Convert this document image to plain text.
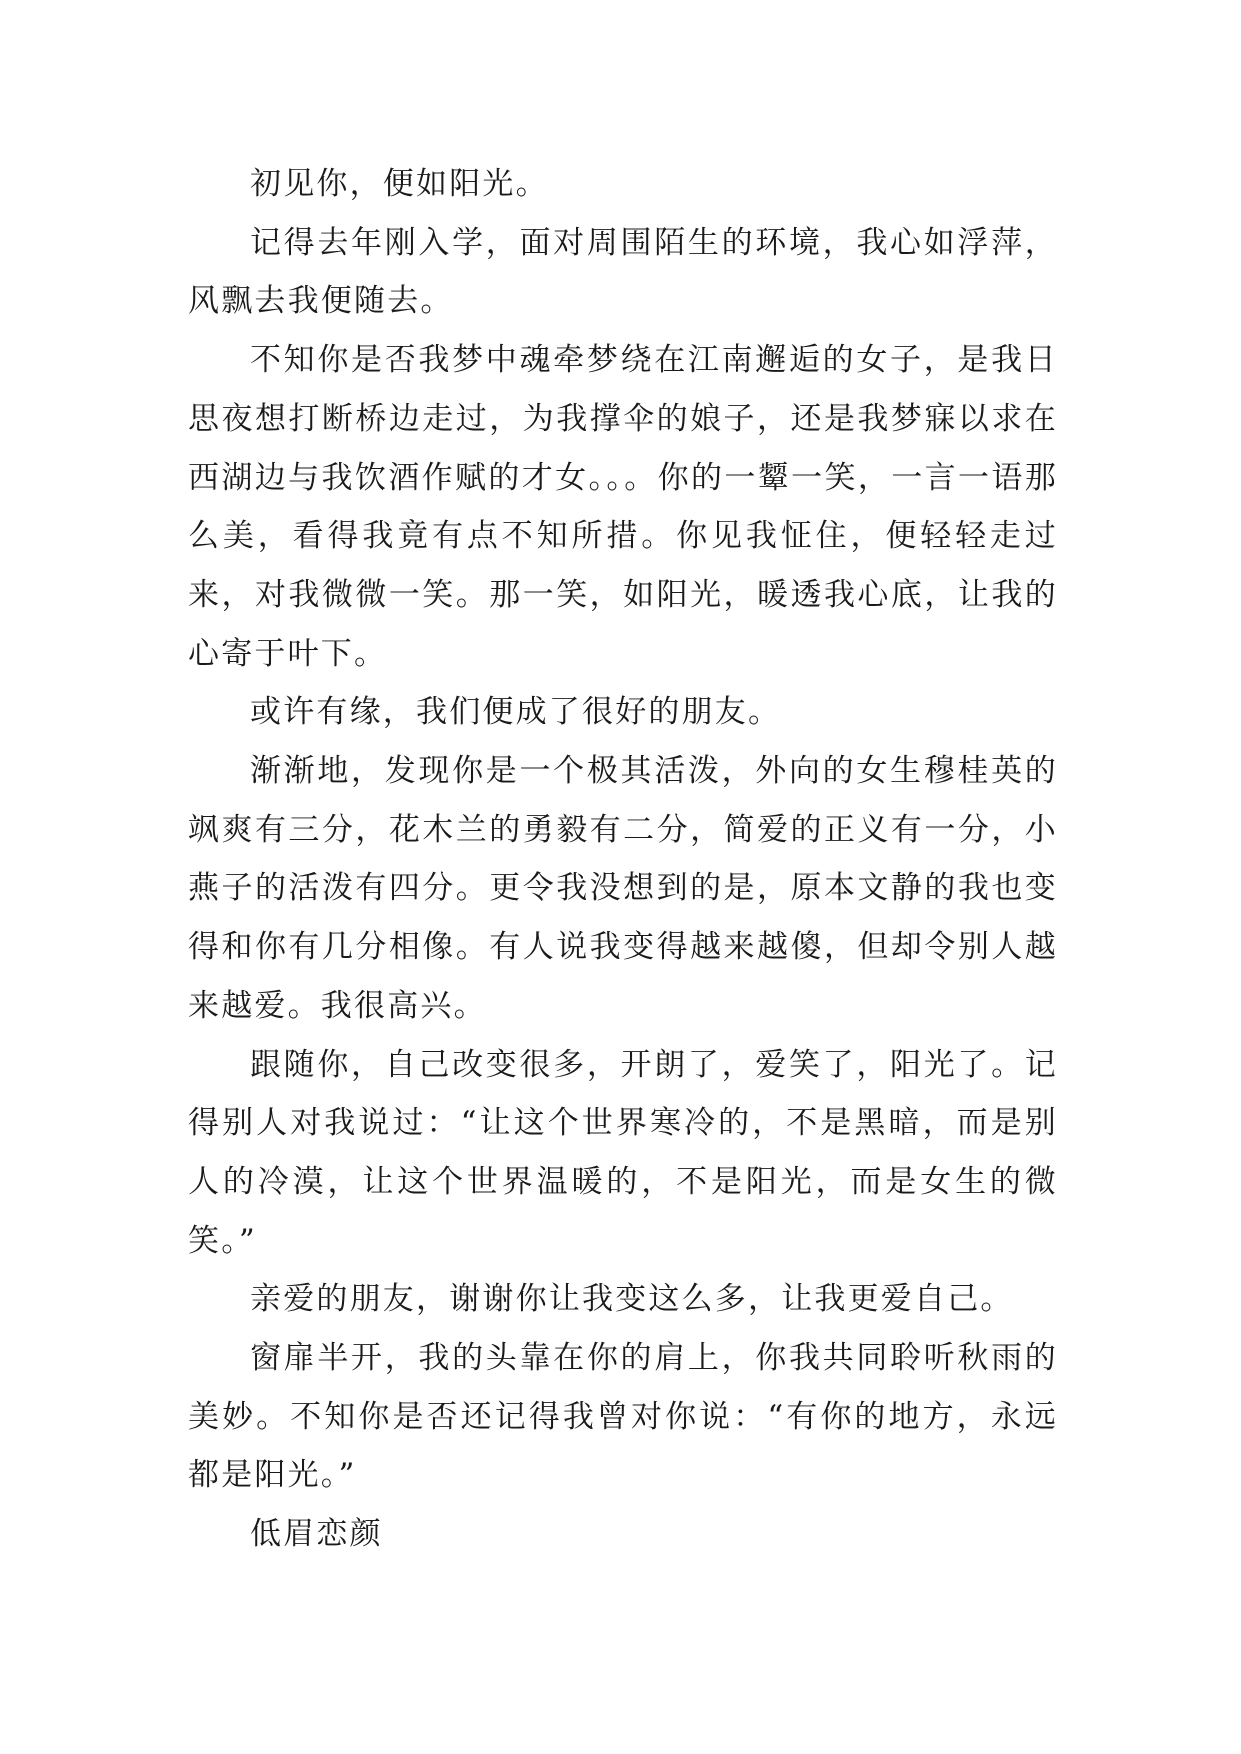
初见你，便如阳光。

记得去年刚入学，面对周围陌生的环境，我心如浮萍，风飘去我便随去。

不知你是否我梦中魂牵梦绕在江南邂逅的女子，是我日思夜想打断桥边走过，为我撑伞的娘子，还是我梦寐以求在西湖边与我饮酒作赋的才女。。。你的一颦一笑，一言一语那么美，看得我竟有点不知所措。你见我怔住，便轻轻走过来，对我微微一笑。那一笑，如阳光，暖透我心底，让我的心寄于叶下。

或许有缘，我们便成了很好的朋友。

渐渐地，发现你是一个极其活泼，外向的女生穆桂英的飒爽有三分，花木兰的勇毅有二分，简爱的正义有一分，小燕子的活泼有四分。更令我没想到的是，原本文静的我也变得和你有几分相像。有人说我变得越来越傻，但却令别人越来越爱。我很高兴。

跟随你，自己改变很多，开朗了，爱笑了，阳光了。记得别人对我说过：“让这个世界寒冷的，不是黑暗，而是别人的冷漠，让这个世界温暖的，不是阳光，而是女生的微笑。”

亲爱的朋友，谢谢你让我变这么多，让我更爱自己。

窗扉半开，我的头靠在你的肩上，你我共同聆听秋雨的美妙。不知你是否还记得我曾对你说：“有你的地方，永远都是阳光。”

低眉恋颜
